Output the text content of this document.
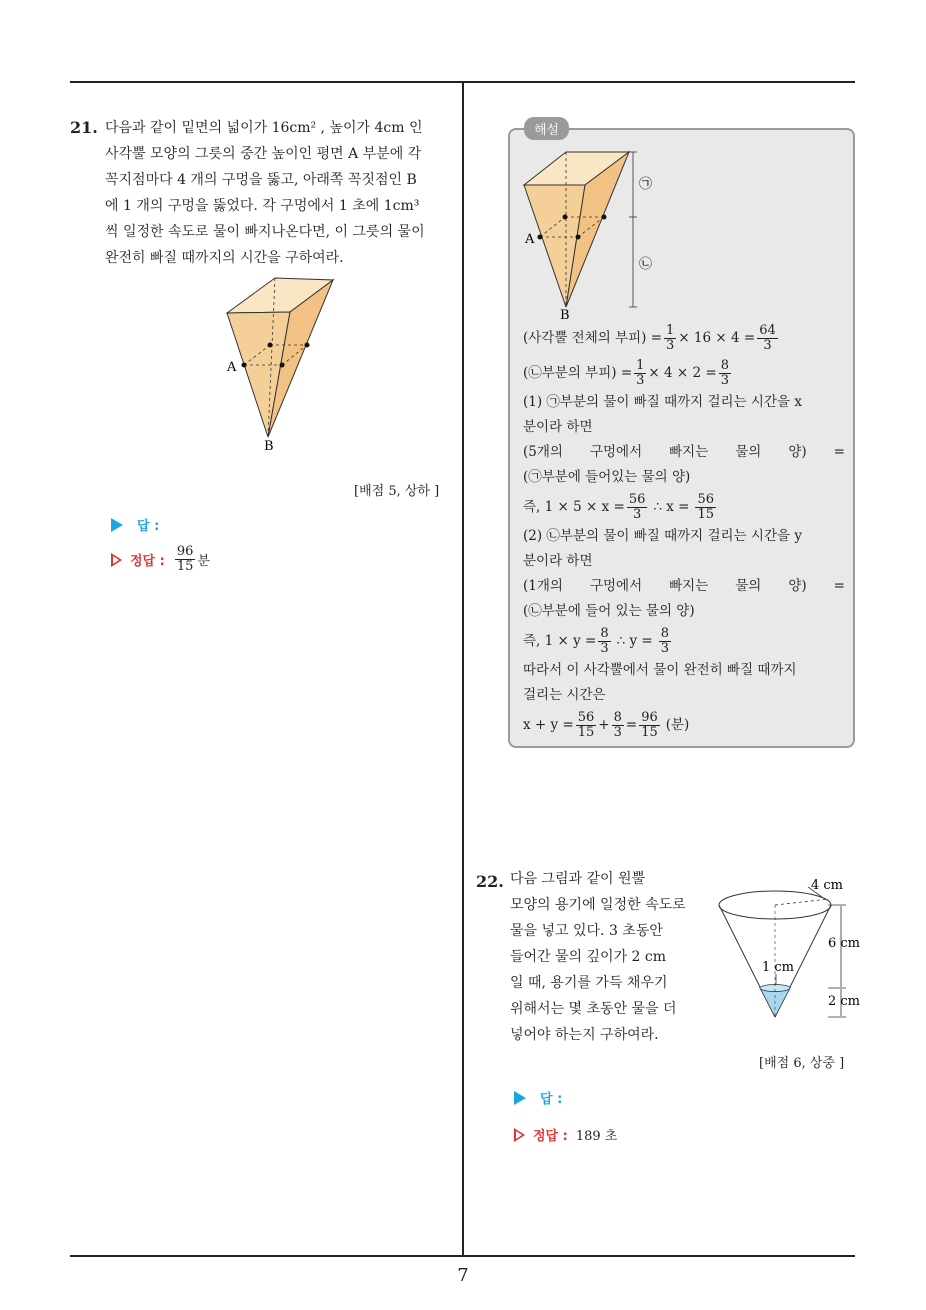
21. 다음과 같이 밑면의 넓이가 16cm² , 높이가 4cm 인
사각뿔 모양의 그릇의 중간 높이인 평면 A 부분에 각
꼭지점마다 4 개의 구멍을 뚫고, 아래쪽 꼭짓점인 B
에 1 개의 구멍을 뚫었다. 각 구멍에서 1 초에 1cm³
씩 일정한 속도로 물이 빠지나온다면, 이 그릇의 물이
완전히 빠질 때까지의 시간을 구하여라.
A
B
[배점 5, 상하 ]
답 :
정답 : $\frac{96}{15}$ 분
해설
㉠
㉡
A
B
(사각뿔 전체의 부피) = $\frac{1}{3} \times 16 \times 4 = \frac{64}{3}$
(㉡부분의 부피) = $\frac{1}{3} \times 4 \times 2 = \frac{8}{3}$
(1) ㉠부분의 물이 빠질 때까지 걸리는 시간을 x
분이라 하면
(5개의 구멍에서 빠지는 물의 양) =
(㉠부분에 들어있는 물의 양)
즉, $1 \times 5 \times x = \frac{56}{3}$ ∴ $x = \frac{56}{15}$
(2) ㉡부분의 물이 빠질 때까지 걸리는 시간을 y
분이라 하면
(1개의 구멍에서 빠지는 물의 양) =
(㉡부분에 들어 있는 물의 양)
즉, $1 \times y = \frac{8}{3}$ ∴ $y = \frac{8}{3}$
따라서 이 사각뿔에서 물이 완전히 빠질 때까지
걸리는 시간은
$x + y = \frac{56}{15} + \frac{8}{3} = \frac{96}{15}$ (분)
22. 다음 그림과 같이 원뿔
모양의 용기에 일정한 속도로
물을 넣고 있다. 3 초동안
들어간 물의 깊이가 2 cm
일 때, 용기를 가득 채우기
위해서는 몇 초동안 물을 더
넣어야 하는지 구하여라.
4 cm
6 cm
2 cm
1 cm
[배점 6, 상중 ]
답 :
정답 : 189 초
7
